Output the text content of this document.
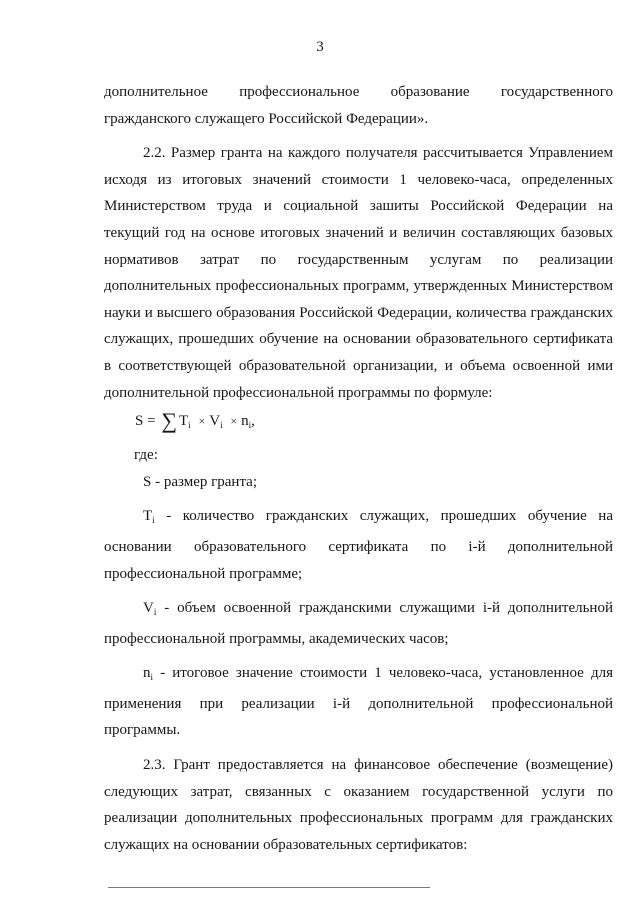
3

дополнительное профессиональное образование государственного гражданского служащего Российской Федерации».

2.2. Размер гранта на каждого получателя рассчитывается Управлением исходя из итоговых значений стоимости 1 человеко-часа, определенных Министерством труда и социальной зашиты Российской Федерации на текущий год на основе итоговых значений и величин составляющих базовых нормативов затрат по государственным услугам по реализации дополнительных профессиональных программ, утвержденных Министерством науки и высшего образования Российской Федерации, количества гражданских служащих, прошедших обучение на основании образовательного сертификата в соответствующей образовательной организации, и объема освоенной ими дополнительной профессиональной программы по формуле:

S = ∑ $T_i \times V_i \times n_i$,
где:

S - размер гранта;

$T_i$ - количество гражданских служащих, прошедших обучение на основании образовательного сертификата по i-й дополнительной профессиональной программе;

$V_i$ - объем освоенной гражданскими служащими i-й дополнительной профессиональной программы, академических часов;

$n_i$ - итоговое значение стоимости 1 человеко-часа, установленное для применения при реализации i-й дополнительной профессиональной программы.

2.3. Грант предоставляется на финансовое обеспечение (возмещение) следующих затрат, связанных с оказанием государственной услуги по реализации дополнительных профессиональных программ для гражданских служащих на основании образовательных сертификатов:
